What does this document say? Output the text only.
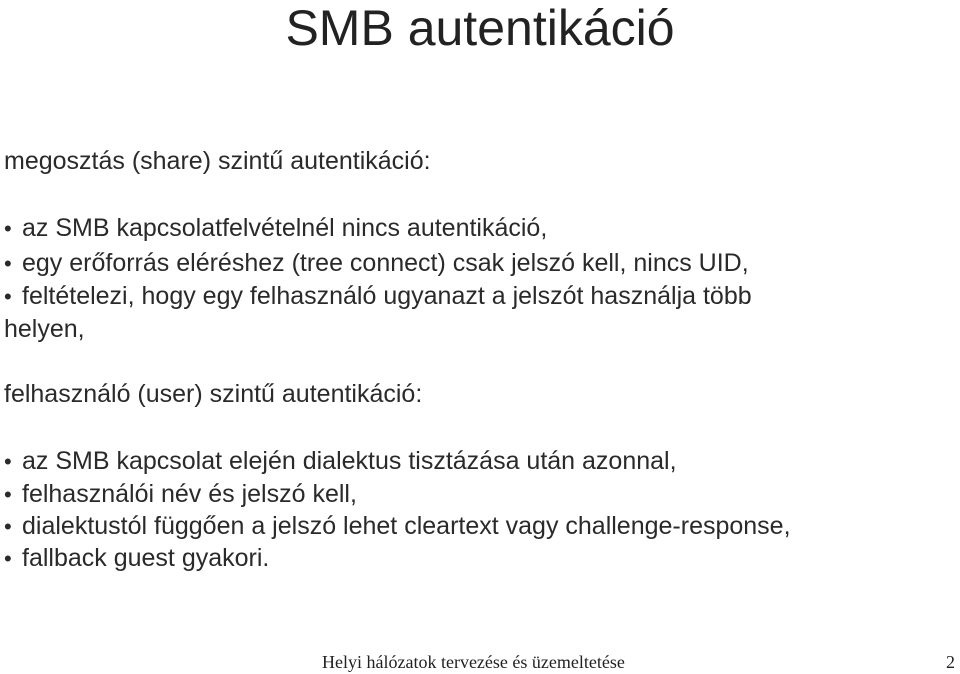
SMB autentikáció
megosztás (share) szintű autentikáció:
• az SMB kapcsolatfelvételnél nincs autentikáció,
• egy erőforrás eléréshez (tree connect) csak jelszó kell, nincs UID,
• feltételezi, hogy egy felhasználó ugyanazt a jelszót használja több
helyen,
felhasználó (user) szintű autentikáció:
• az SMB kapcsolat elején dialektus tisztázása után azonnal,
• felhasználói név és jelszó kell,
• dialektustól függően a jelszó lehet cleartext vagy challenge-response,
• fallback guest gyakori.
Helyi hálózatok tervezése és üzemeltetése	2
